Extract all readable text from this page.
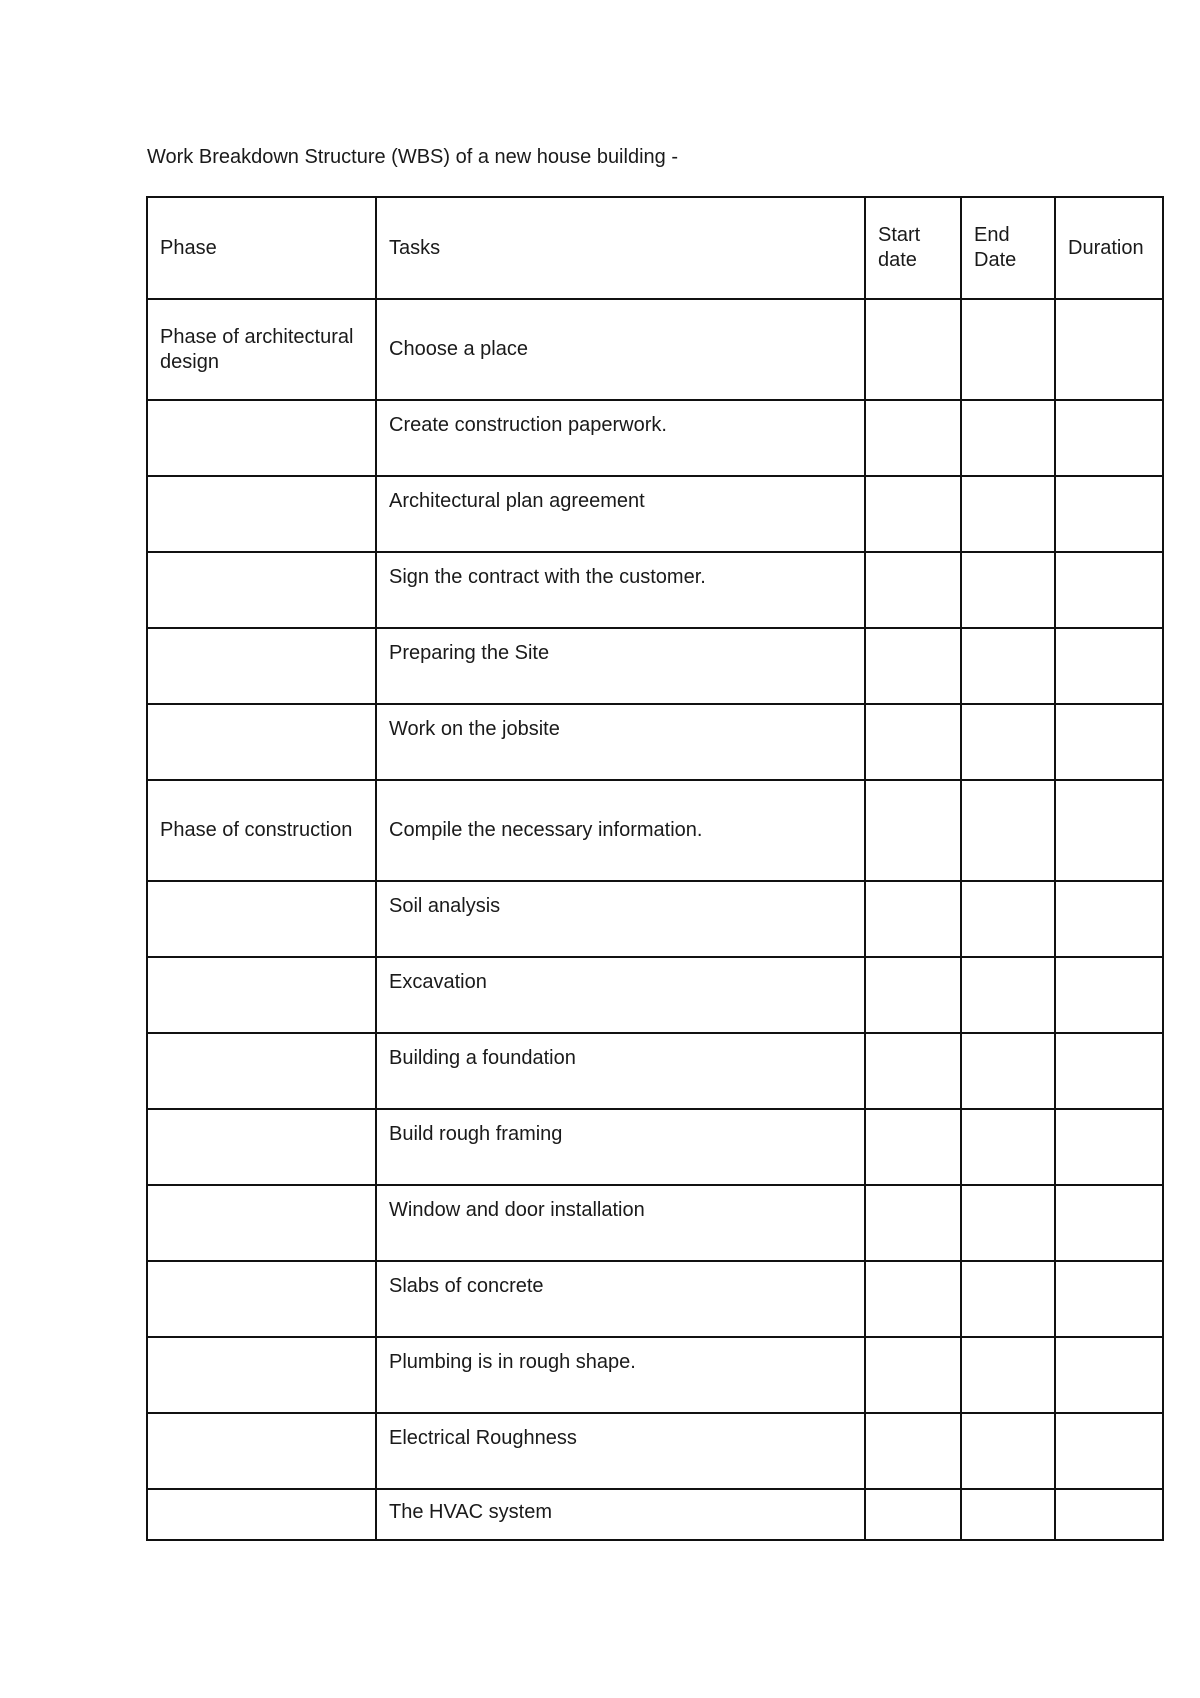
Work Breakdown Structure (WBS) of a new house building -
Phase	Tasks	Start date	End Date	Duration

Phase of architectural design	Choose a place			

	Create construction paperwork.			

	Architectural plan agreement			

	Sign the contract with the customer.			

	Preparing the Site			

	Work on the jobsite			

Phase of construction	Compile the necessary information.			

	Soil analysis			

	Excavation			

	Building a foundation			

	Build rough framing			

	Window and door installation			

	Slabs of concrete			

	Plumbing is in rough shape.			

	Electrical Roughness			

	The HVAC system			
